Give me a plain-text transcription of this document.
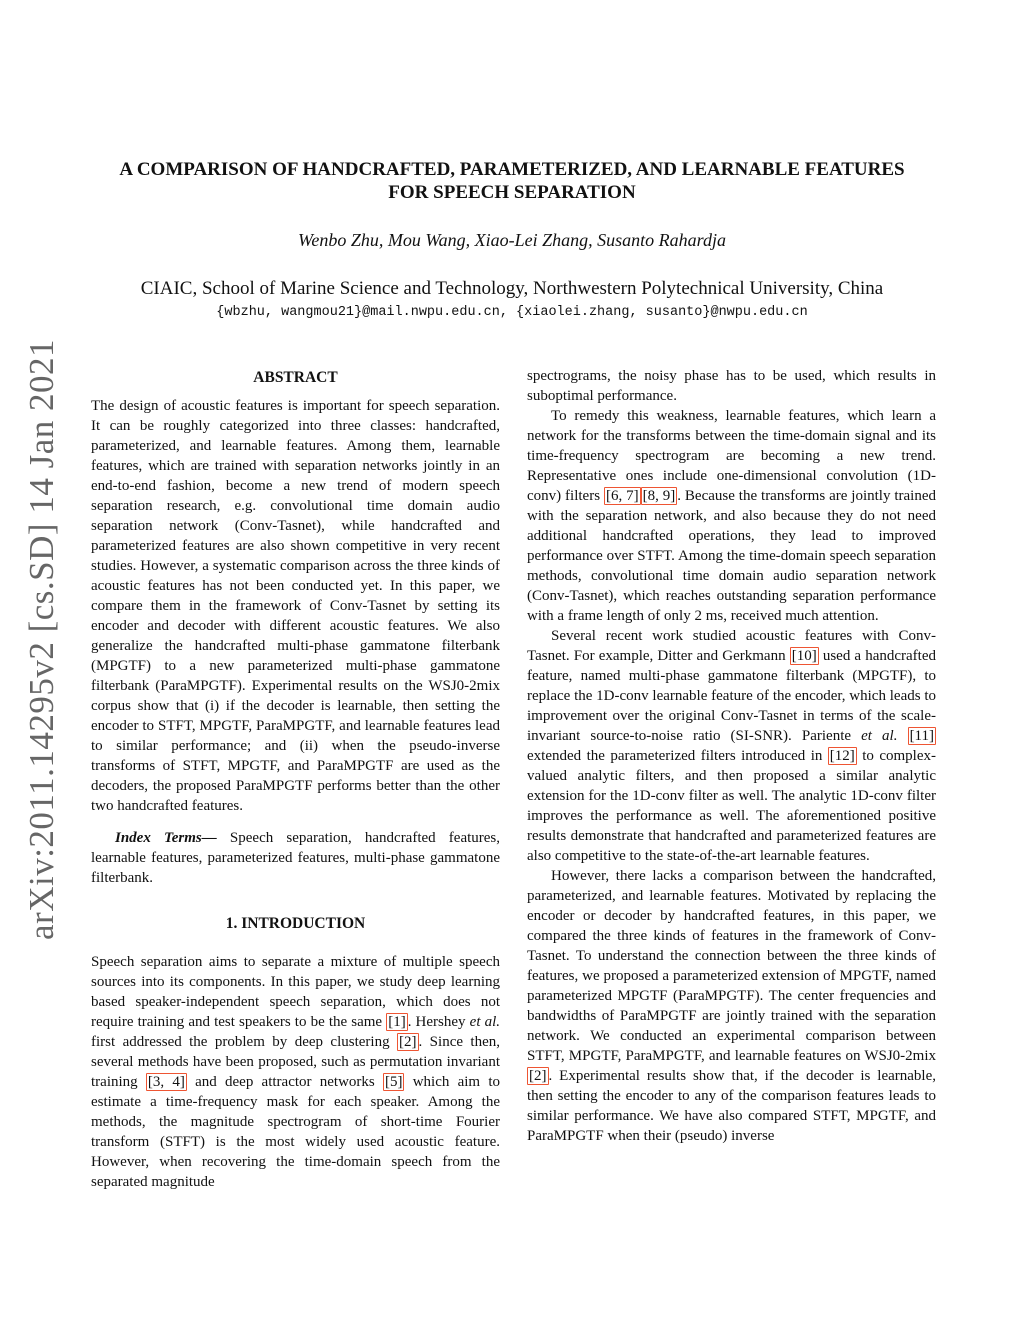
A COMPARISON OF HANDCRAFTED, PARAMETERIZED, AND LEARNABLE FEATURES
FOR SPEECH SEPARATION
Wenbo Zhu, Mou Wang, Xiao-Lei Zhang, Susanto Rahardja
CIAIC, School of Marine Science and Technology, Northwestern Polytechnical University, China
{wbzhu, wangmou21}@mail.nwpu.edu.cn, {xiaolei.zhang, susanto}@nwpu.edu.cn
arXiv:2011.14295v2 [cs.SD] 14 Jan 2021	ABSTRACT

The design of acoustic features is important for speech separation. It can be roughly categorized into three classes: handcrafted, parameterized, and learnable features. Among them, learnable features, which are trained with separation networks jointly in an end-to-end fashion, become a new trend of modern speech separation research, e.g. convolutional time domain audio separation network (Conv-Tasnet), while handcrafted and parameterized features are also shown competitive in very recent studies. However, a systematic comparison across the three kinds of acoustic features has not been conducted yet. In this paper, we compare them in the framework of Conv-Tasnet by setting its encoder and decoder with different acoustic features. We also generalize the handcrafted multi-phase gammatone filterbank (MPGTF) to a new parameterized multi-phase gammatone filterbank (ParaMPGTF). Experimental results on the WSJ0-2mix corpus show that (i) if the decoder is learnable, then setting the encoder to STFT, MPGTF, ParaMPGTF, and learnable features lead to similar performance; and (ii) when the pseudo-inverse transforms of STFT, MPGTF, and ParaMPGTF are used as the decoders, the proposed ParaMPGTF performs better than the other two handcrafted features.

Index Terms— Speech separation, handcrafted features, learnable features, parameterized features, multi-phase gammatone filterbank.

1. INTRODUCTION

Speech separation aims to separate a mixture of multiple speech sources into its components. In this paper, we study deep learning based speaker-independent speech separation, which does not require training and test speakers to be the same [1] . Hershey et al. first addressed the problem by deep clustering [2] . Since then, several methods have been proposed, such as permutation invariant training [3, 4] and deep attractor networks [5] which aim to estimate a time-frequency mask for each speaker. Among the methods, the magnitude spectrogram of short-time Fourier transform (STFT) is the most widely used acoustic feature. However, when recovering the time-domain speech from the separated magnitude

spectrograms, the noisy phase has to be used, which results in suboptimal performance.

To remedy this weakness, learnable features, which learn a network for the transforms between the time-domain signal and its time-frequency spectrogram are becoming a new trend. Representative ones include one-dimensional convolution (1D-conv) filters [6, 7] [8, 9] . Because the transforms are jointly trained with the separation network, and also because they do not need additional handcrafted operations, they lead to improved performance over STFT. Among the time-domain speech separation methods, convolutional time domain audio separation network (Conv-Tasnet), which reaches outstanding separation performance with a frame length of only 2 ms, received much attention.

Several recent work studied acoustic features with Conv-Tasnet. For example, Ditter and Gerkmann [10] used a handcrafted feature, named multi-phase gammatone filterbank (MPGTF), to replace the 1D-conv learnable feature of the encoder, which leads to improvement over the original Conv-Tasnet in terms of the scale-invariant source-to-noise ratio (SI-SNR). Pariente et al. [11] extended the parameterized filters introduced in [12] to complex-valued analytic filters, and then proposed a similar analytic extension for the 1D-conv filter as well. The analytic 1D-conv filter improves the performance as well. The aforementioned positive results demonstrate that handcrafted and parameterized features are also competitive to the state-of-the-art learnable features.

However, there lacks a comparison between the handcrafted, parameterized, and learnable features. Motivated by replacing the encoder or decoder by handcrafted features, in this paper, we compared the three kinds of features in the framework of Conv-Tasnet. To understand the connection between the three kinds of features, we proposed a parameterized extension of MPGTF, named parameterized MPGTF (ParaMPGTF). The center frequencies and bandwidths of ParaMPGTF are jointly trained with the separation network. We conducted an experimental comparison between STFT, MPGTF, ParaMPGTF, and learnable features on WSJ0-2mix [2] . Experimental results show that, if the decoder is learnable, then setting the encoder to any of the comparison features leads to similar performance. We have also compared STFT, MPGTF, and ParaMPGTF when their (pseudo) inverse
